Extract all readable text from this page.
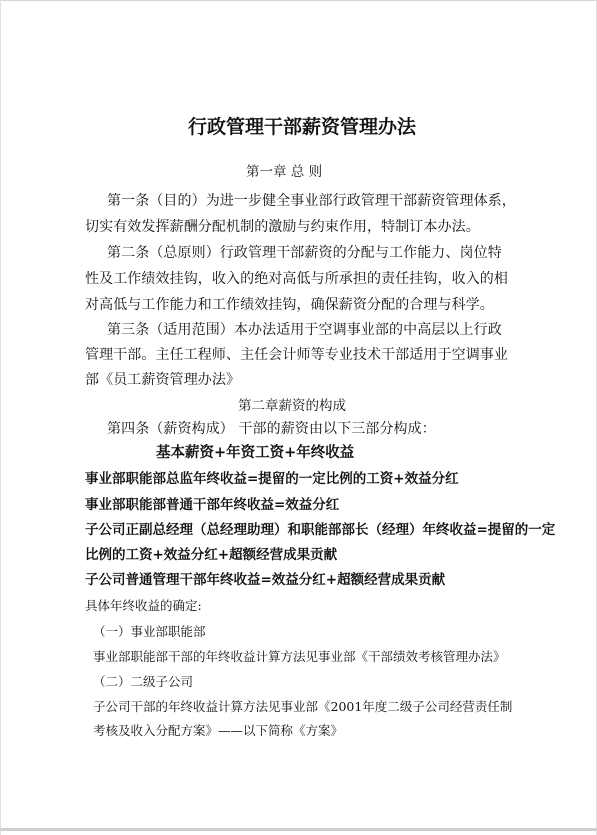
行政管理干部薪资管理办法
第一章 总 则
第一条（目的）为进一步健全事业部行政管理干部薪资管理体系，
切实有效发挥薪酬分配机制的激励与约束作用，特制订本办法。
第二条（总原则）行政管理干部薪资的分配与工作能力、岗位特
性及工作绩效挂钩，收入的绝对高低与所承担的责任挂钩，收入的相
对高低与工作能力和工作绩效挂钩，确保薪资分配的合理与科学。
第三条（适用范围）本办法适用于空调事业部的中高层以上行政
管理干部。主任工程师、主任会计师等专业技术干部适用于空调事业
部《员工薪资管理办法》
第二章薪资的构成
第四条（薪资构成） 干部的薪资由以下三部分构成：
基本薪资+年资工资+年终收益
事业部职能部总监年终收益=提留的一定比例的工资+效益分红
事业部职能部普通干部年终收益=效益分红
子公司正副总经理（总经理助理）和职能部部长（经理）年终收益=提留的一定
比例的工资+效益分红+超额经营成果贡献
子公司普通管理干部年终收益=效益分红+超额经营成果贡献
具体年终收益的确定:
（一）事业部职能部
事业部职能部干部的年终收益计算方法见事业部《干部绩效考核管理办法》
（二）二级子公司
子公司干部的年终收益计算方法见事业部《2001年度二级子公司经营责任制
考核及收入分配方案》——以下简称《方案》
